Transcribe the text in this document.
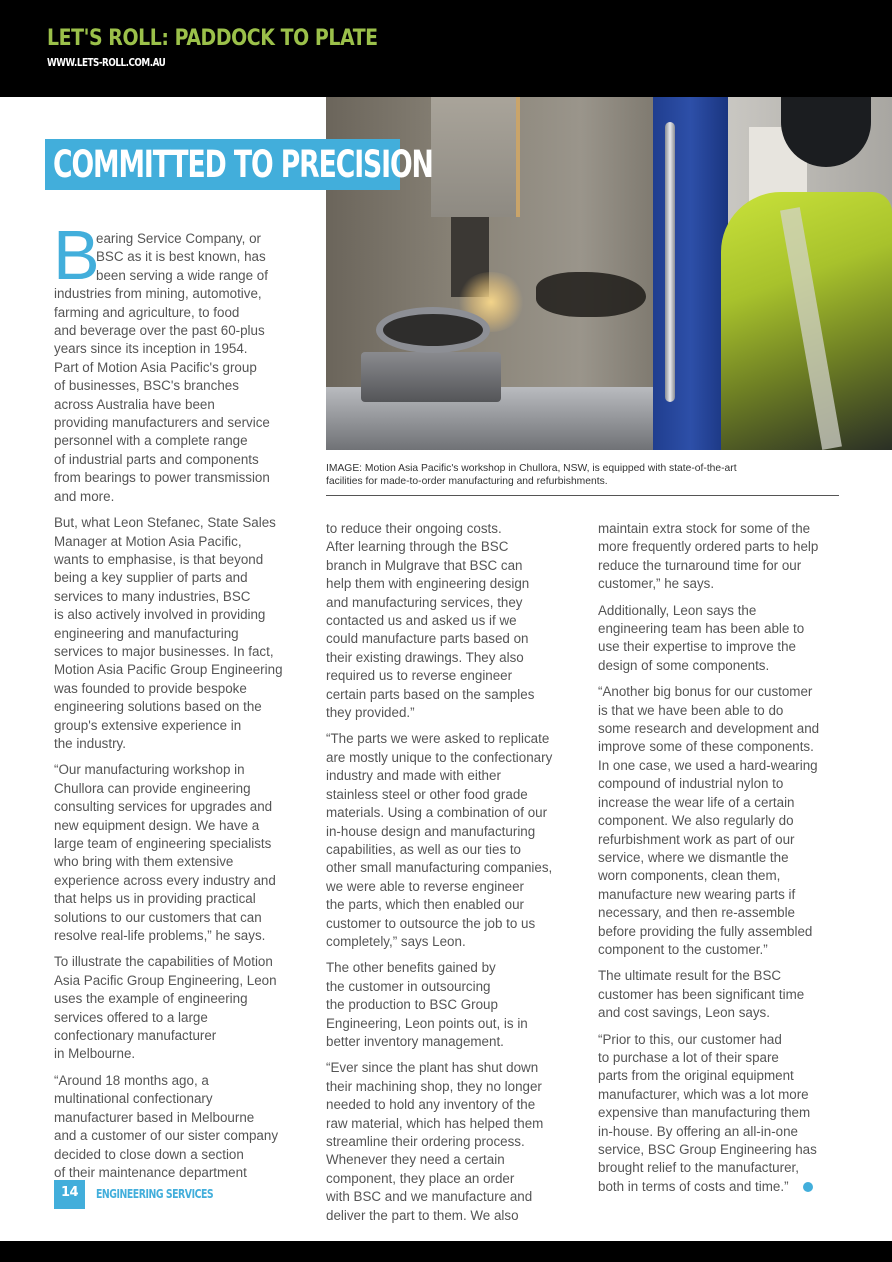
LET'S ROLL: PADDOCK TO PLATE
WWW.LETS-ROLL.COM.AU
COMMITTED TO PRECISION
IMAGE: Motion Asia Pacific's workshop in Chullora, NSW, is equipped with state-of-the-art
facilities for made-to-order manufacturing and refurbishments.
B

earing Service Company, or
BSC as it is best known, has
been serving a wide range of
industries from mining, automotive,
farming and agriculture, to food
and beverage over the past 60-plus
years since its inception in 1954.
Part of Motion Asia Pacific's group
of businesses, BSC's branches
across Australia have been
providing manufacturers and service
personnel with a complete range
of industrial parts and components
from bearings to power transmission
and more.

But, what Leon Stefanec, State Sales
Manager at Motion Asia Pacific,
wants to emphasise, is that beyond
being a key supplier of parts and
services to many industries, BSC
is also actively involved in providing
engineering and manufacturing
services to major businesses. In fact,
Motion Asia Pacific Group Engineering
was founded to provide bespoke
engineering solutions based on the
group's extensive experience in
the industry.

“Our manufacturing workshop in
Chullora can provide engineering
consulting services for upgrades and
new equipment design. We have a
large team of engineering specialists
who bring with them extensive
experience across every industry and
that helps us in providing practical
solutions to our customers that can
resolve real-life problems,” he says.

To illustrate the capabilities of Motion
Asia Pacific Group Engineering, Leon
uses the example of engineering
services offered to a large
confectionary manufacturer
in Melbourne.

“Around 18 months ago, a
multinational confectionary
manufacturer based in Melbourne
and a customer of our sister company
decided to close down a section
of their maintenance department

to reduce their ongoing costs.
After learning through the BSC
branch in Mulgrave that BSC can
help them with engineering design
and manufacturing services, they
contacted us and asked us if we
could manufacture parts based on
their existing drawings. They also
required us to reverse engineer
certain parts based on the samples
they provided.”

“The parts we were asked to replicate
are mostly unique to the confectionary
industry and made with either
stainless steel or other food grade
materials. Using a combination of our
in-house design and manufacturing
capabilities, as well as our ties to
other small manufacturing companies,
we were able to reverse engineer
the parts, which then enabled our
customer to outsource the job to us
completely,” says Leon.

The other benefits gained by
the customer in outsourcing
the production to BSC Group
Engineering, Leon points out, is in
better inventory management.

“Ever since the plant has shut down
their machining shop, they no longer
needed to hold any inventory of the
raw material, which has helped them
streamline their ordering process.
Whenever they need a certain
component, they place an order
with BSC and we manufacture and
deliver the part to them. We also

maintain extra stock for some of the
more frequently ordered parts to help
reduce the turnaround time for our
customer,” he says.

Additionally, Leon says the
engineering team has been able to
use their expertise to improve the
design of some components.

“Another big bonus for our customer
is that we have been able to do
some research and development and
improve some of these components.
In one case, we used a hard-wearing
compound of industrial nylon to
increase the wear life of a certain
component. We also regularly do
refurbishment work as part of our
service, where we dismantle the
worn components, clean them,
manufacture new wearing parts if
necessary, and then re-assemble
before providing the fully assembled
component to the customer.”

The ultimate result for the BSC
customer has been significant time
and cost savings, Leon says.

“Prior to this, our customer had
to purchase a lot of their spare
parts from the original equipment
manufacturer, which was a lot more
expensive than manufacturing them
in-house. By offering an all-in-one
service, BSC Group Engineering has
brought relief to the manufacturer,
both in terms of costs and time.”

14	ENGINEERING SERVICES
